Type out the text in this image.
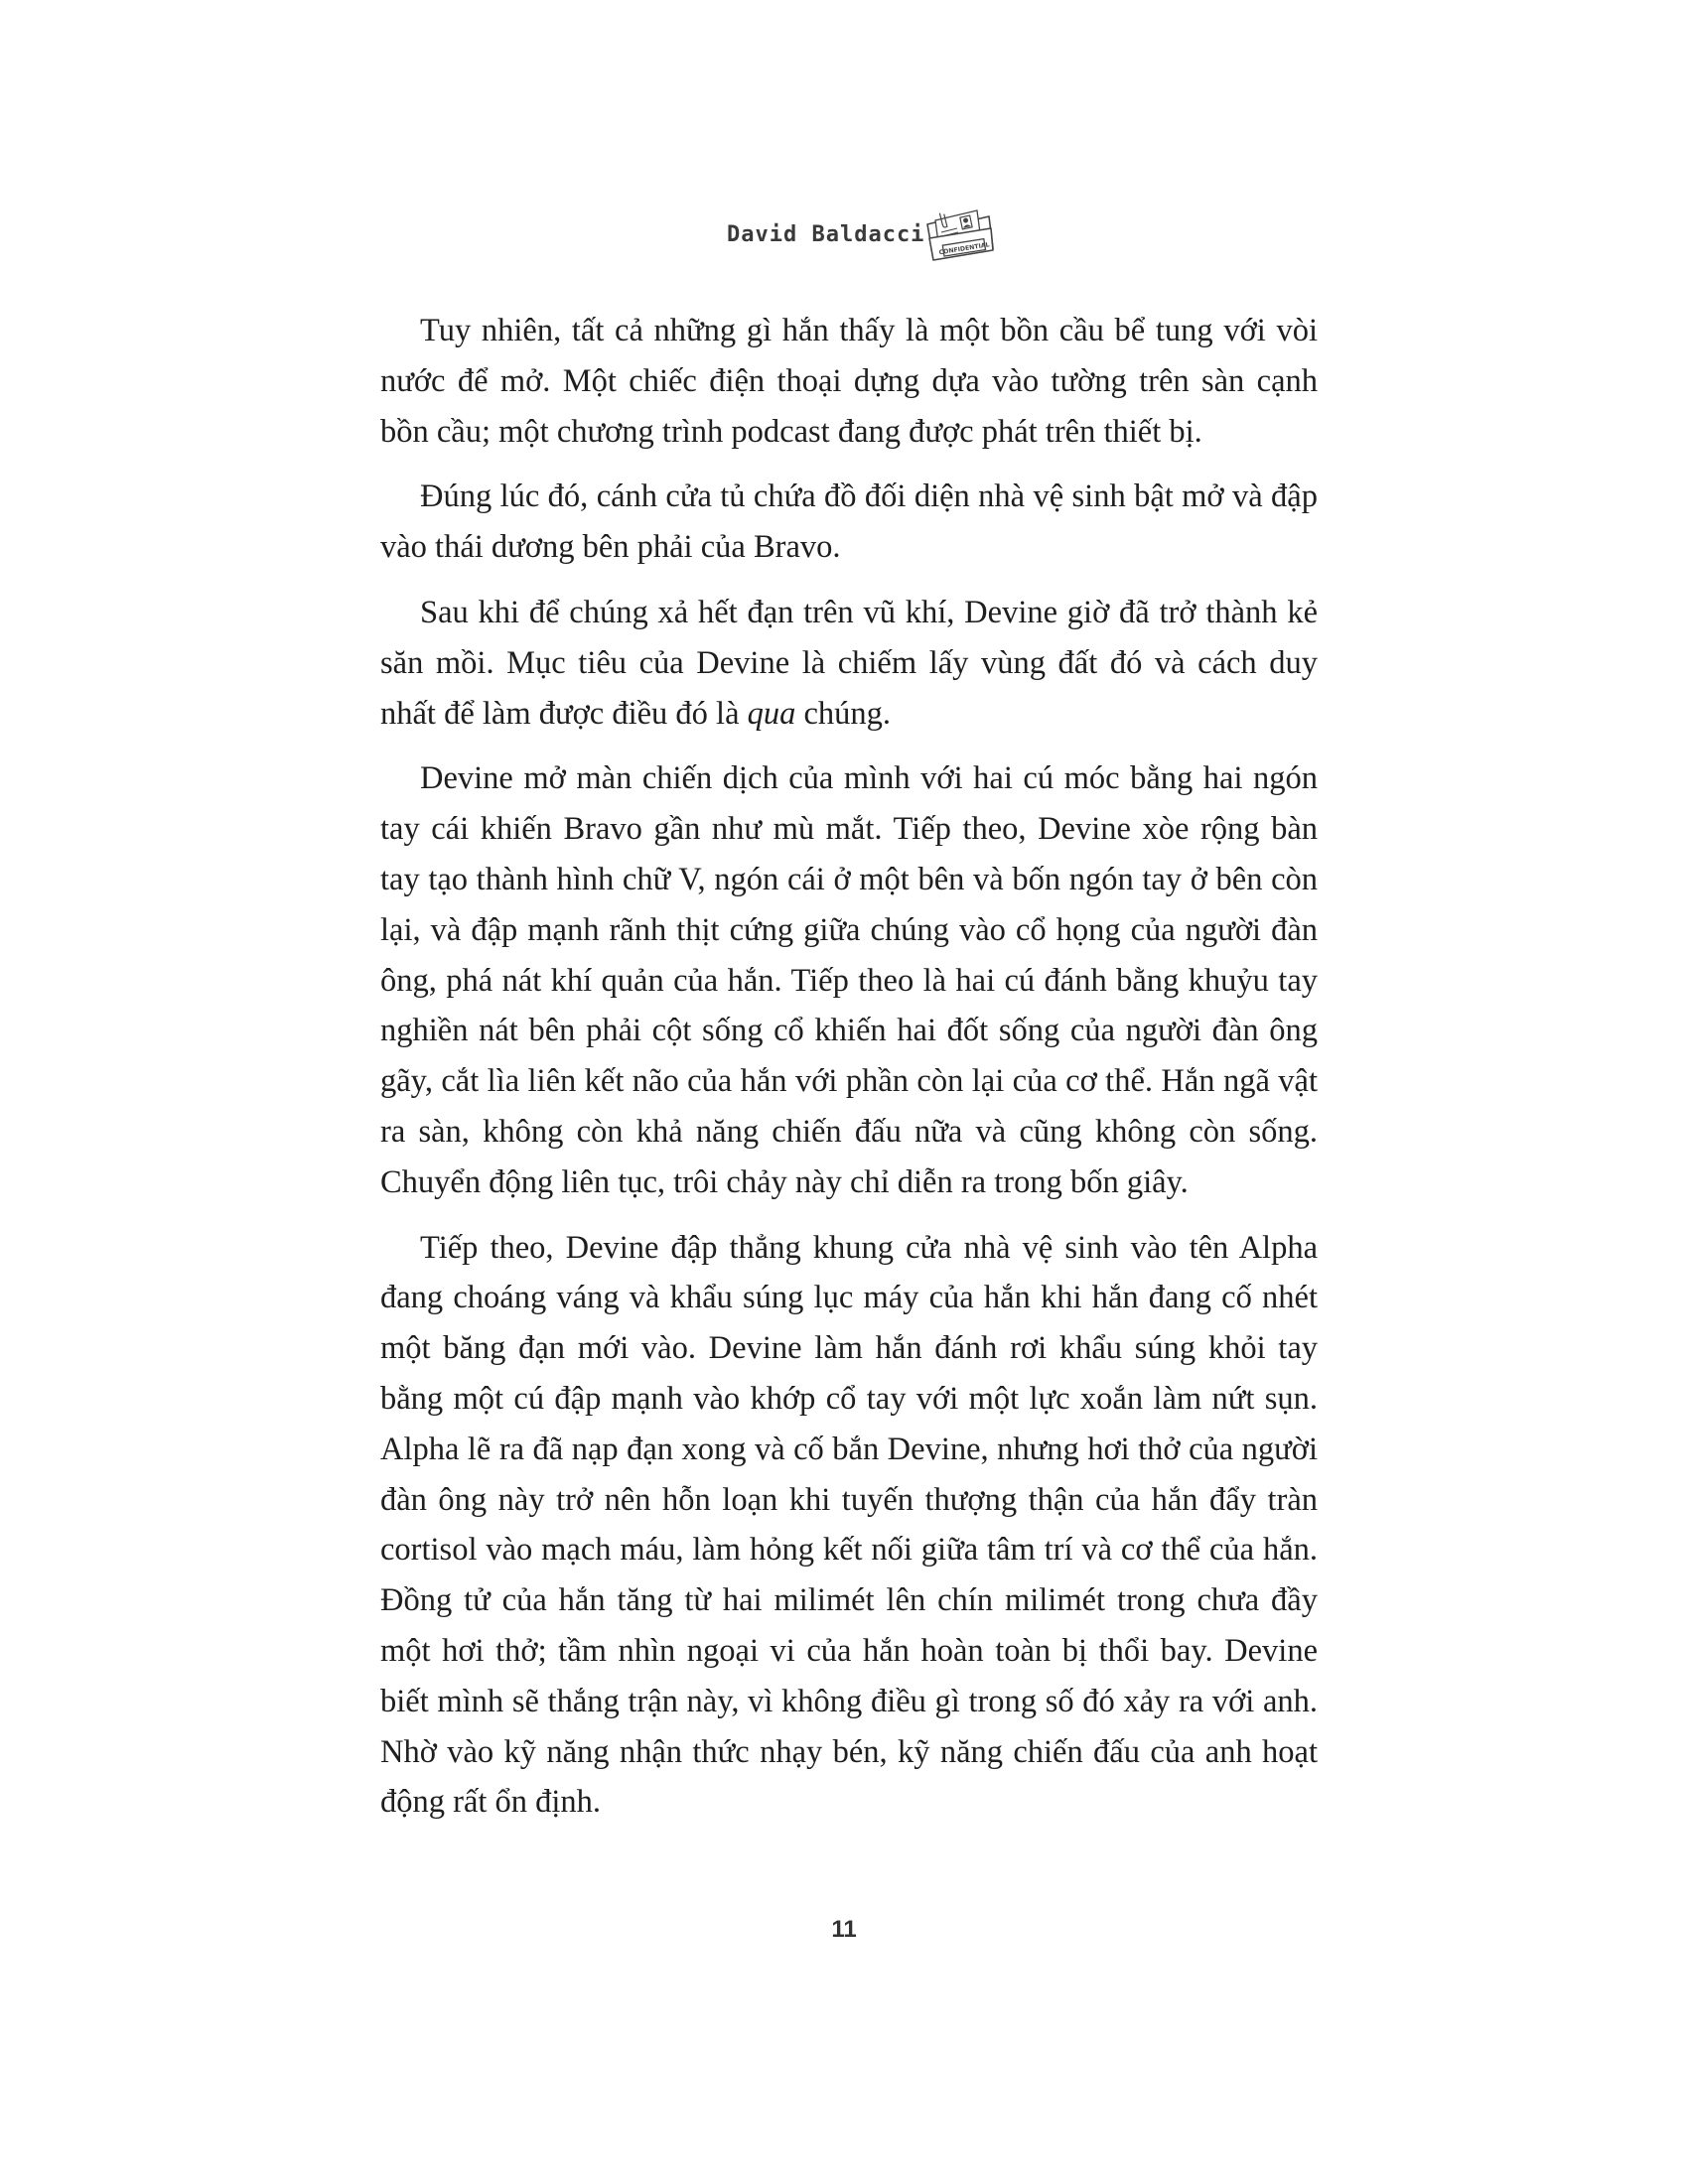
David Baldacci
CONFIDENTIAL

Tuy nhiên, tất cả những gì hắn thấy là một bồn cầu bể tung với vòi nước để mở. Một chiếc điện thoại dựng dựa vào tường trên sàn cạnh bồn cầu; một chương trình podcast đang được phát trên thiết bị.

Đúng lúc đó, cánh cửa tủ chứa đồ đối diện nhà vệ sinh bật mở và đập vào thái dương bên phải của Bravo.

Sau khi để chúng xả hết đạn trên vũ khí, Devine giờ đã trở thành kẻ săn mồi. Mục tiêu của Devine là chiếm lấy vùng đất đó và cách duy nhất để làm được điều đó là qua chúng.

Devine mở màn chiến dịch của mình với hai cú móc bằng hai ngón tay cái khiến Bravo gần như mù mắt. Tiếp theo, Devine xòe rộng bàn tay tạo thành hình chữ V, ngón cái ở một bên và bốn ngón tay ở bên còn lại, và đập mạnh rãnh thịt cứng giữa chúng vào cổ họng của người đàn ông, phá nát khí quản của hắn. Tiếp theo là hai cú đánh bằng khuỷu tay nghiền nát bên phải cột sống cổ khiến hai đốt sống của người đàn ông gãy, cắt lìa liên kết não của hắn với phần còn lại của cơ thể. Hắn ngã vật ra sàn, không còn khả năng chiến đấu nữa và cũng không còn sống. Chuyển động liên tục, trôi chảy này chỉ diễn ra trong bốn giây.

Tiếp theo, Devine đập thẳng khung cửa nhà vệ sinh vào tên Alpha đang choáng váng và khẩu súng lục máy của hắn khi hắn đang cố nhét một băng đạn mới vào. Devine làm hắn đánh rơi khẩu súng khỏi tay bằng một cú đập mạnh vào khớp cổ tay với một lực xoắn làm nứt sụn. Alpha lẽ ra đã nạp đạn xong và cố bắn Devine, nhưng hơi thở của người đàn ông này trở nên hỗn loạn khi tuyến thượng thận của hắn đẩy tràn cortisol vào mạch máu, làm hỏng kết nối giữa tâm trí và cơ thể của hắn. Đồng tử của hắn tăng từ hai milimét lên chín milimét trong chưa đầy một hơi thở; tầm nhìn ngoại vi của hắn hoàn toàn bị thổi bay. Devine biết mình sẽ thắng trận này, vì không điều gì trong số đó xảy ra với anh. Nhờ vào kỹ năng nhận thức nhạy bén, kỹ năng chiến đấu của anh hoạt động rất ổn định.

11
